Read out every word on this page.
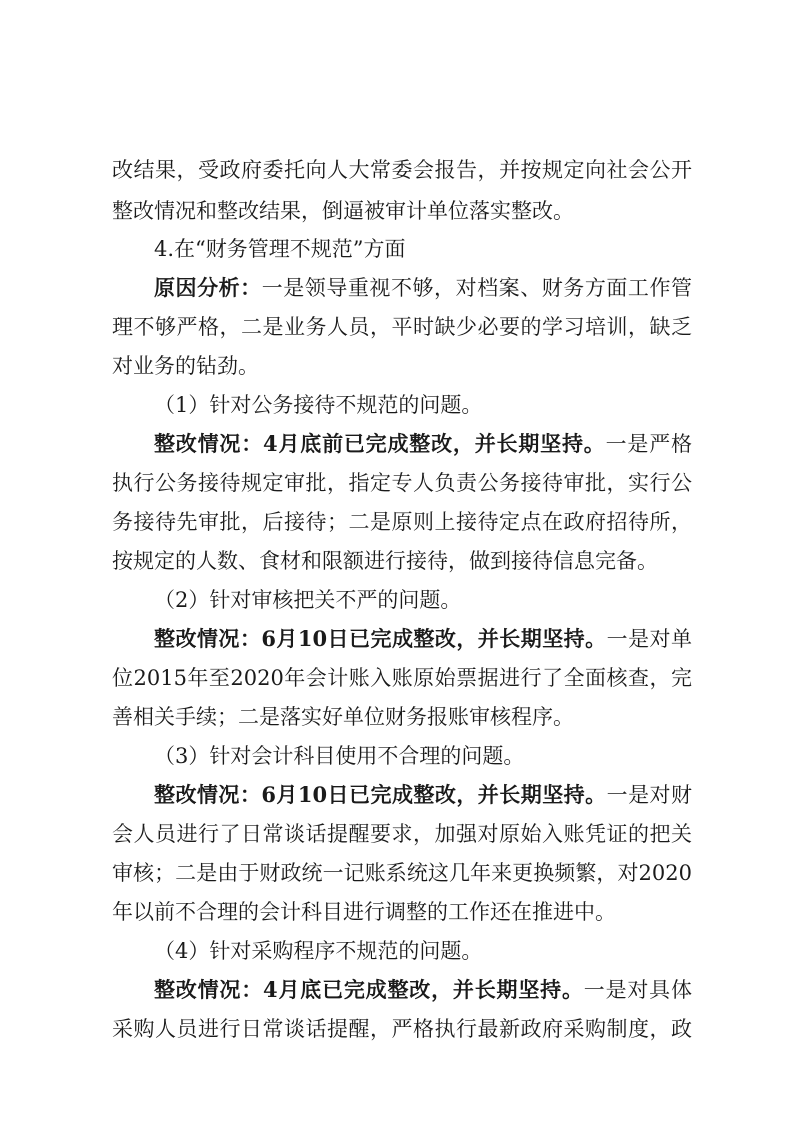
改结果，受政府委托向人大常委会报告，并按规定向社会公开
整改情况和整改结果，倒逼被审计单位落实整改。
4.在“财务管理不规范”方面
原因分析：一是领导重视不够，对档案、财务方面工作管
理不够严格，二是业务人员，平时缺少必要的学习培训，缺乏
对业务的钻劲。
（1）针对公务接待不规范的问题。
整改情况：4月底前已完成整改，并长期坚持。一是严格
执行公务接待规定审批，指定专人负责公务接待审批，实行公
务接待先审批，后接待；二是原则上接待定点在政府招待所，
按规定的人数、食材和限额进行接待，做到接待信息完备。
（2）针对审核把关不严的问题。
整改情况：6月10日已完成整改，并长期坚持。一是对单
位2015年至2020年会计账入账原始票据进行了全面核查，完
善相关手续；二是落实好单位财务报账审核程序。
（3）针对会计科目使用不合理的问题。
整改情况：6月10日已完成整改，并长期坚持。一是对财
会人员进行了日常谈话提醒要求，加强对原始入账凭证的把关
审核；二是由于财政统一记账系统这几年来更换频繁，对2020
年以前不合理的会计科目进行调整的工作还在推进中。
（4）针对采购程序不规范的问题。
整改情况：4月底已完成整改，并长期坚持。一是对具体
采购人员进行日常谈话提醒，严格执行最新政府采购制度，政
